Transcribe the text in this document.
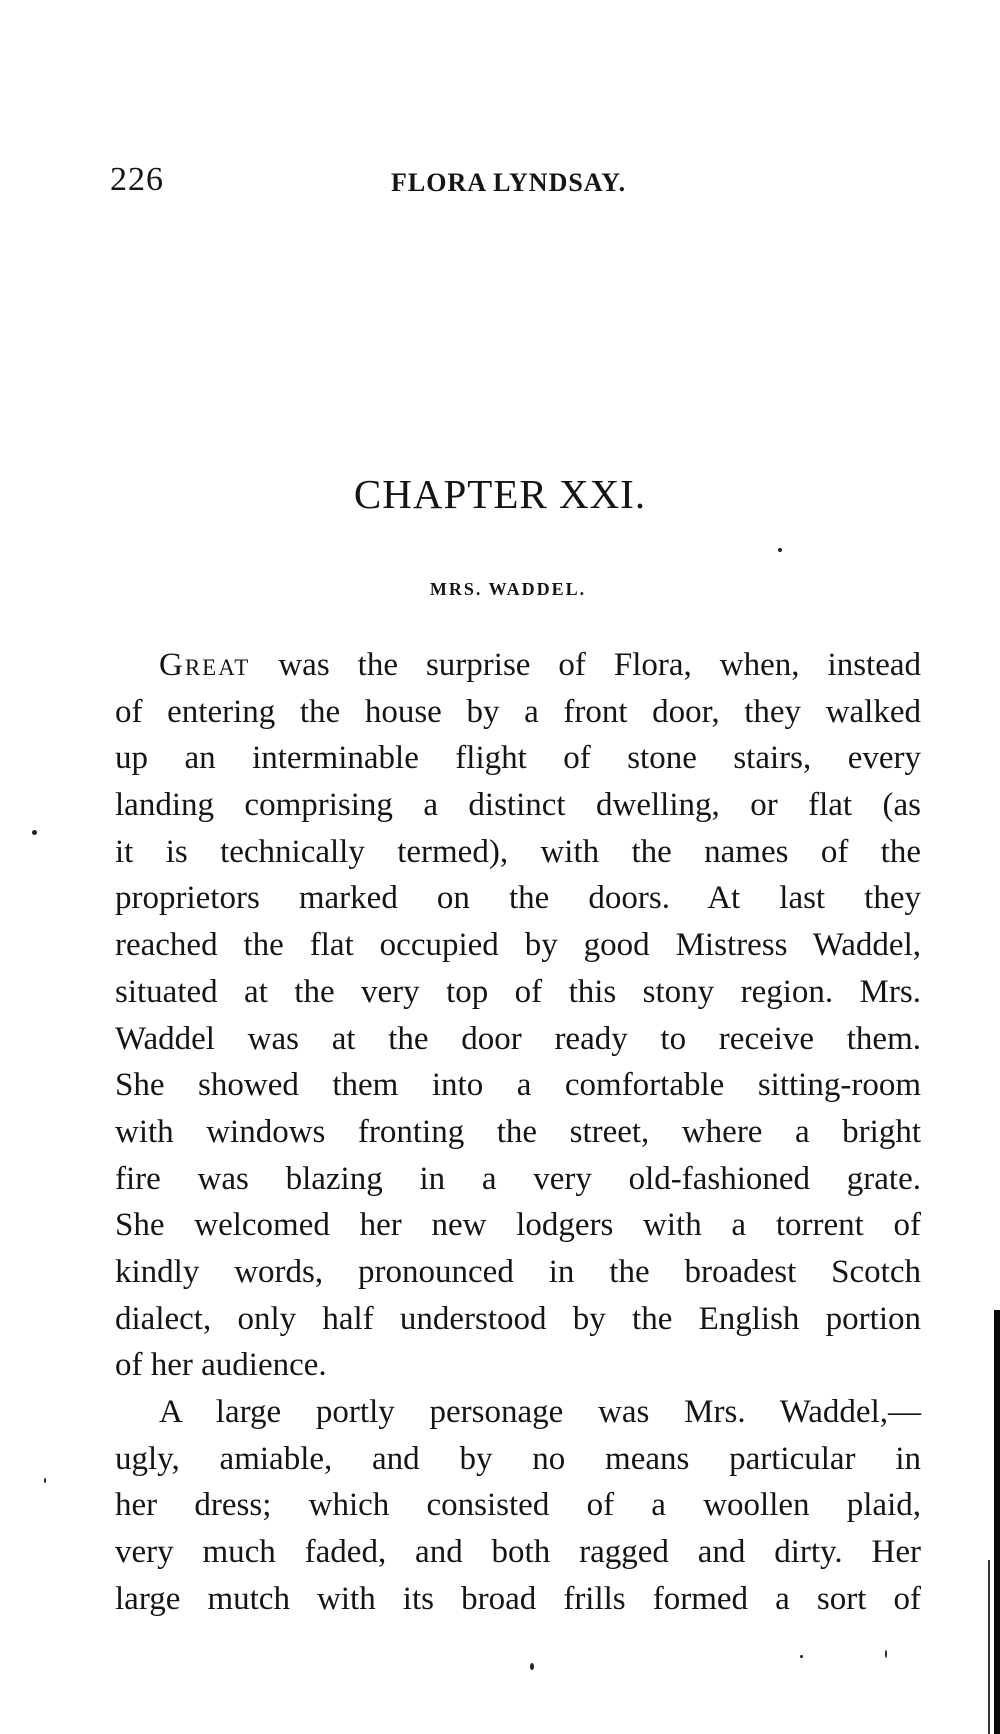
226	FLORA LYNDSAY.
CHAPTER XXI.
MRS. WADDEL.
Great was the surprise of Flora, when, instead
of entering the house by a front door, they walked
up an interminable flight of stone stairs, every
landing comprising a distinct dwelling, or flat (as
it is technically termed), with the names of the
proprietors marked on the doors. At last they
reached the flat occupied by good Mistress Waddel,
situated at the very top of this stony region. Mrs.
Waddel was at the door ready to receive them.
She showed them into a comfortable sitting-room
with windows fronting the street, where a bright
fire was blazing in a very old-fashioned grate.
She welcomed her new lodgers with a torrent of
kindly words, pronounced in the broadest Scotch
dialect, only half understood by the English portion
of her audience.
A large portly personage was Mrs. Waddel,—
ugly, amiable, and by no means particular in
her dress; which consisted of a woollen plaid,
very much faded, and both ragged and dirty. Her
large mutch with its broad frills formed a sort of
